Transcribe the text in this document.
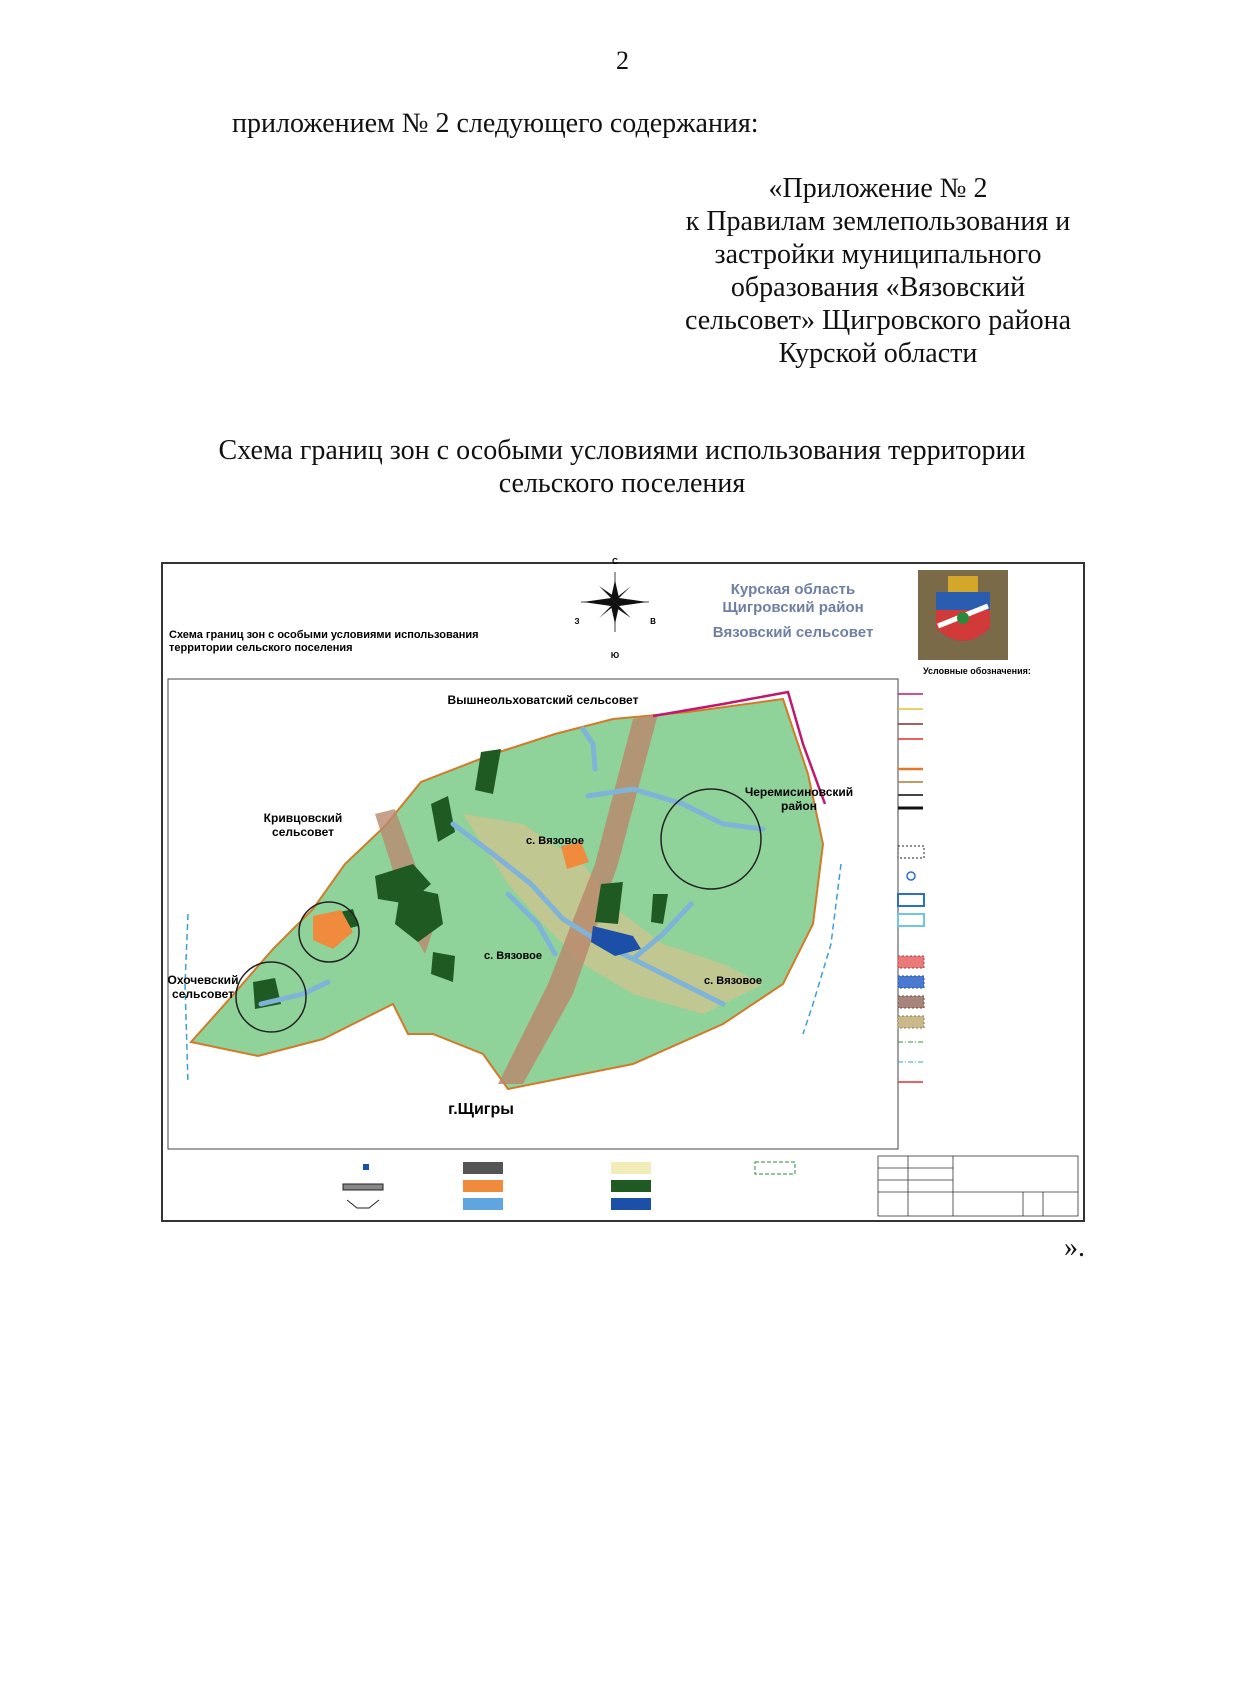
2
приложением № 2 следующего содержания:
«Приложение № 2
к Правилам землепользования и
застройки муниципального
образования «Вязовский
сельсовет» Щигровского района
Курской области
Схема границ зон с особыми условиями использования территории
сельского поселения
С
Ю
З	В
Курская область
Щигровский район
Вязовский сельсовет
Схема границ зон с особыми условиями использования
территории сельского поселения
Вышнеольховатский сельсовет
Черемисиновский
район
Кривцовский
сельсовет
Охочевский
сельсовет
г.Щигры
с. Вязовое
с. Вязовое
с. Вязовое
Условные обозначения:
».
